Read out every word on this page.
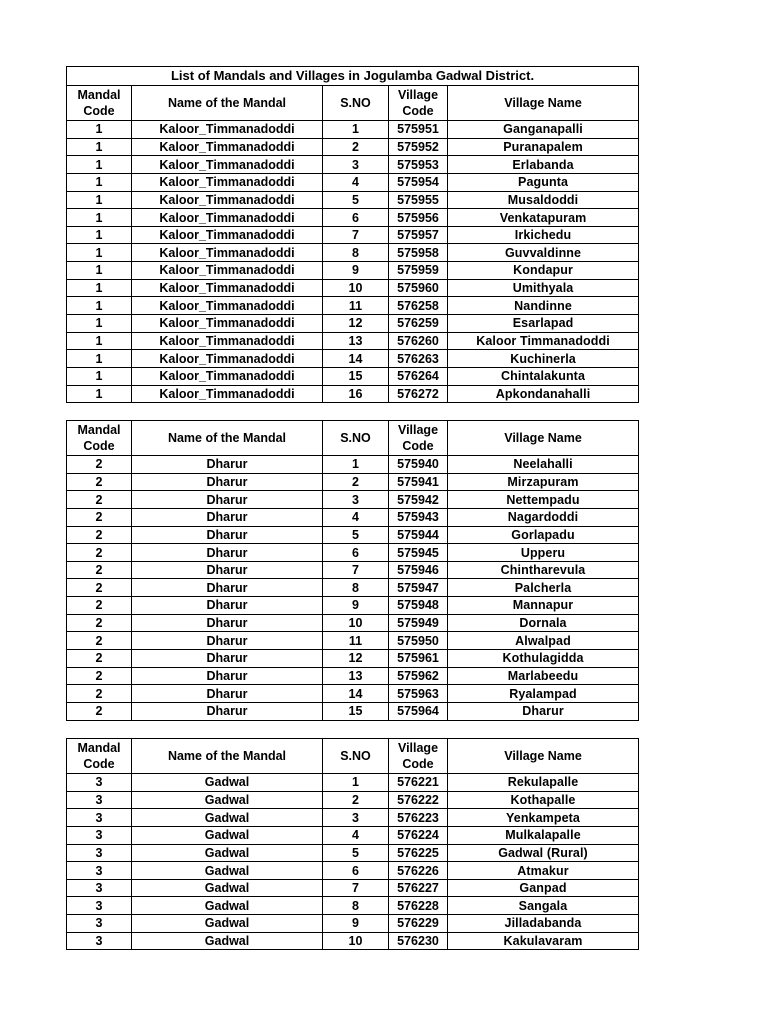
List of Mandals and Villages in Jogulamba Gadwal District.				
Mandal Code	Name of the Mandal	S.NO	Village Code	Village Name
1	Kaloor_Timmanadoddi	1	575951	Ganganapalli
1	Kaloor_Timmanadoddi	2	575952	Puranapalem
1	Kaloor_Timmanadoddi	3	575953	Erlabanda
1	Kaloor_Timmanadoddi	4	575954	Pagunta
1	Kaloor_Timmanadoddi	5	575955	Musaldoddi
1	Kaloor_Timmanadoddi	6	575956	Venkatapuram
1	Kaloor_Timmanadoddi	7	575957	Irkichedu
1	Kaloor_Timmanadoddi	8	575958	Guvvaldinne
1	Kaloor_Timmanadoddi	9	575959	Kondapur
1	Kaloor_Timmanadoddi	10	575960	Umithyala
1	Kaloor_Timmanadoddi	11	576258	Nandinne
1	Kaloor_Timmanadoddi	12	576259	Esarlapad
1	Kaloor_Timmanadoddi	13	576260	Kaloor Timmanadoddi
1	Kaloor_Timmanadoddi	14	576263	Kuchinerla
1	Kaloor_Timmanadoddi	15	576264	Chintalakunta
1	Kaloor_Timmanadoddi	16	576272	Apkondanahalli
Mandal Code	Name of the Mandal	S.NO	Village Code	Village Name
2	Dharur	1	575940	Neelahalli
2	Dharur	2	575941	Mirzapuram
2	Dharur	3	575942	Nettempadu
2	Dharur	4	575943	Nagardoddi
2	Dharur	5	575944	Gorlapadu
2	Dharur	6	575945	Upperu
2	Dharur	7	575946	Chintharevula
2	Dharur	8	575947	Palcherla
2	Dharur	9	575948	Mannapur
2	Dharur	10	575949	Dornala
2	Dharur	11	575950	Alwalpad
2	Dharur	12	575961	Kothulagidda
2	Dharur	13	575962	Marlabeedu
2	Dharur	14	575963	Ryalampad
2	Dharur	15	575964	Dharur
Mandal Code	Name of the Mandal	S.NO	Village Code	Village Name
3	Gadwal	1	576221	Rekulapalle
3	Gadwal	2	576222	Kothapalle
3	Gadwal	3	576223	Yenkampeta
3	Gadwal	4	576224	Mulkalapalle
3	Gadwal	5	576225	Gadwal (Rural)
3	Gadwal	6	576226	Atmakur
3	Gadwal	7	576227	Ganpad
3	Gadwal	8	576228	Sangala
3	Gadwal	9	576229	Jilladabanda
3	Gadwal	10	576230	Kakulavaram
